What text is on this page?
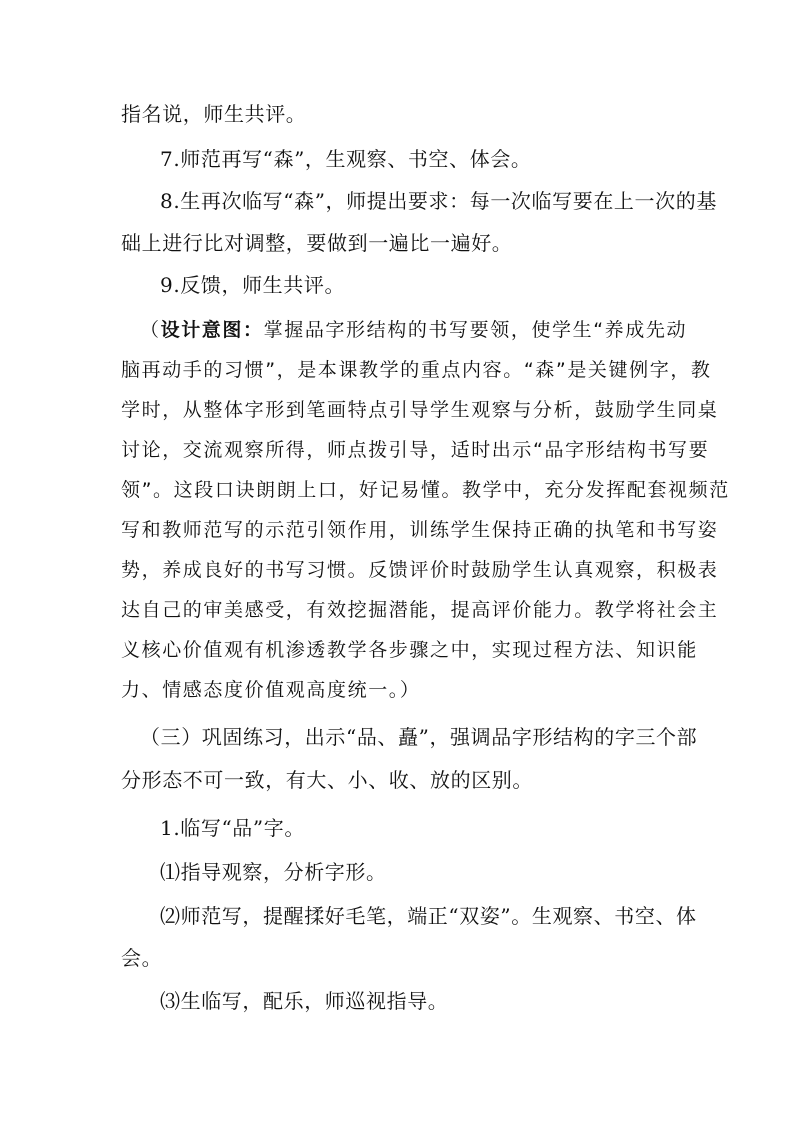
指名说，师生共评。
7.师范再写“森”，生观察、书空、体会。
8.生再次临写“森”，师提出要求：每一次临写要在上一次的基
础上进行比对调整，要做到一遍比一遍好。
9.反馈，师生共评。
（设计意图：掌握品字形结构的书写要领，使学生“养成先动
脑再动手的习惯”，是本课教学的重点内容。“森”是关键例字，教
学时，从整体字形到笔画特点引导学生观察与分析，鼓励学生同桌
讨论，交流观察所得，师点拨引导，适时出示“品字形结构书写要
领”。这段口诀朗朗上口，好记易懂。教学中，充分发挥配套视频范
写和教师范写的示范引领作用，训练学生保持正确的执笔和书写姿
势，养成良好的书写习惯。反馈评价时鼓励学生认真观察，积极表
达自己的审美感受，有效挖掘潜能，提高评价能力。教学将社会主
义核心价值观有机渗透教学各步骤之中，实现过程方法、知识能
力、情感态度价值观高度统一。）
（三）巩固练习，出示“品、矗”，强调品字形结构的字三个部
分形态不可一致，有大、小、收、放的区别。
1.临写“品”字。
⑴指导观察，分析字形。
⑵师范写，提醒揉好毛笔，端正“双姿”。生观察、书空、体
会。
⑶生临写，配乐，师巡视指导。
